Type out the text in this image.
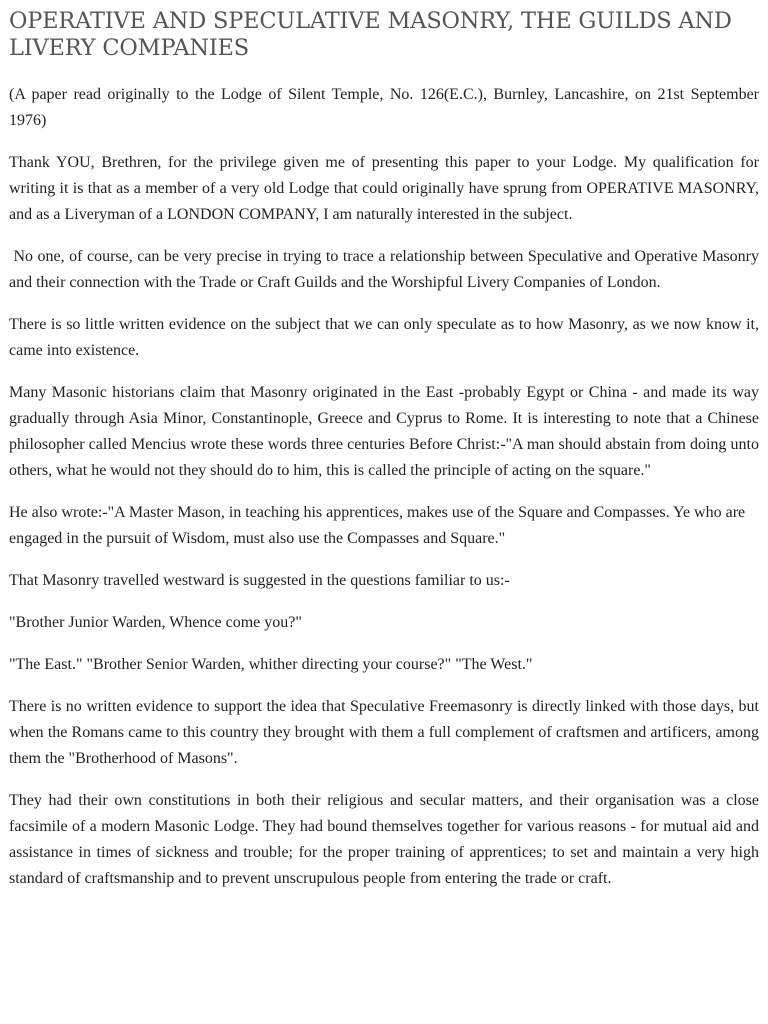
OPERATIVE AND SPECULATIVE MASONRY, THE GUILDS AND LIVERY COMPANIES

(A paper read originally to the Lodge of Silent Temple, No. 126(E.C.), Burnley, Lancashire, on 21st September 1976)

Thank YOU, Brethren, for the privilege given me of presenting this paper to your Lodge. My qualification for writing it is that as a member of a very old Lodge that could originally have sprung from OPERATIVE MASONRY, and as a Liveryman of a LONDON COMPANY, I am naturally interested in the subject.

No one, of course, can be very precise in trying to trace a relationship between Speculative and Operative Masonry and their connection with the Trade or Craft Guilds and the Worshipful Livery Companies of London.

There is so little written evidence on the subject that we can only speculate as to how Masonry, as we now know it, came into existence.

Many Masonic historians claim that Masonry originated in the East -probably Egypt or China - and made its way gradually through Asia Minor, Constantinople, Greece and Cyprus to Rome. It is interesting to note that a Chinese philosopher called Mencius wrote these words three centuries Before Christ:-"A man should abstain from doing unto others, what he would not they should do to him, this is called the principle of acting on the square."

He also wrote:-"A Master Mason, in teaching his apprentices, makes use of the Square and Compasses. Ye who are engaged in the pursuit of Wisdom, must also use the Compasses and Square."

That Masonry travelled westward is suggested in the questions familiar to us:-

"Brother Junior Warden, Whence come you?"

"The East." "Brother Senior Warden, whither directing your course?" "The West."

There is no written evidence to support the idea that Speculative Freemasonry is directly linked with those days, but when the Romans came to this country they brought with them a full complement of craftsmen and artificers, among them the "Brotherhood of Masons".

They had their own constitutions in both their religious and secular matters, and their organisation was a close facsimile of a modern Masonic Lodge. They had bound themselves together for various reasons - for mutual aid and assistance in times of sickness and trouble; for the proper training of apprentices; to set and maintain a very high standard of craftsmanship and to prevent unscrupulous people from entering the trade or craft.
